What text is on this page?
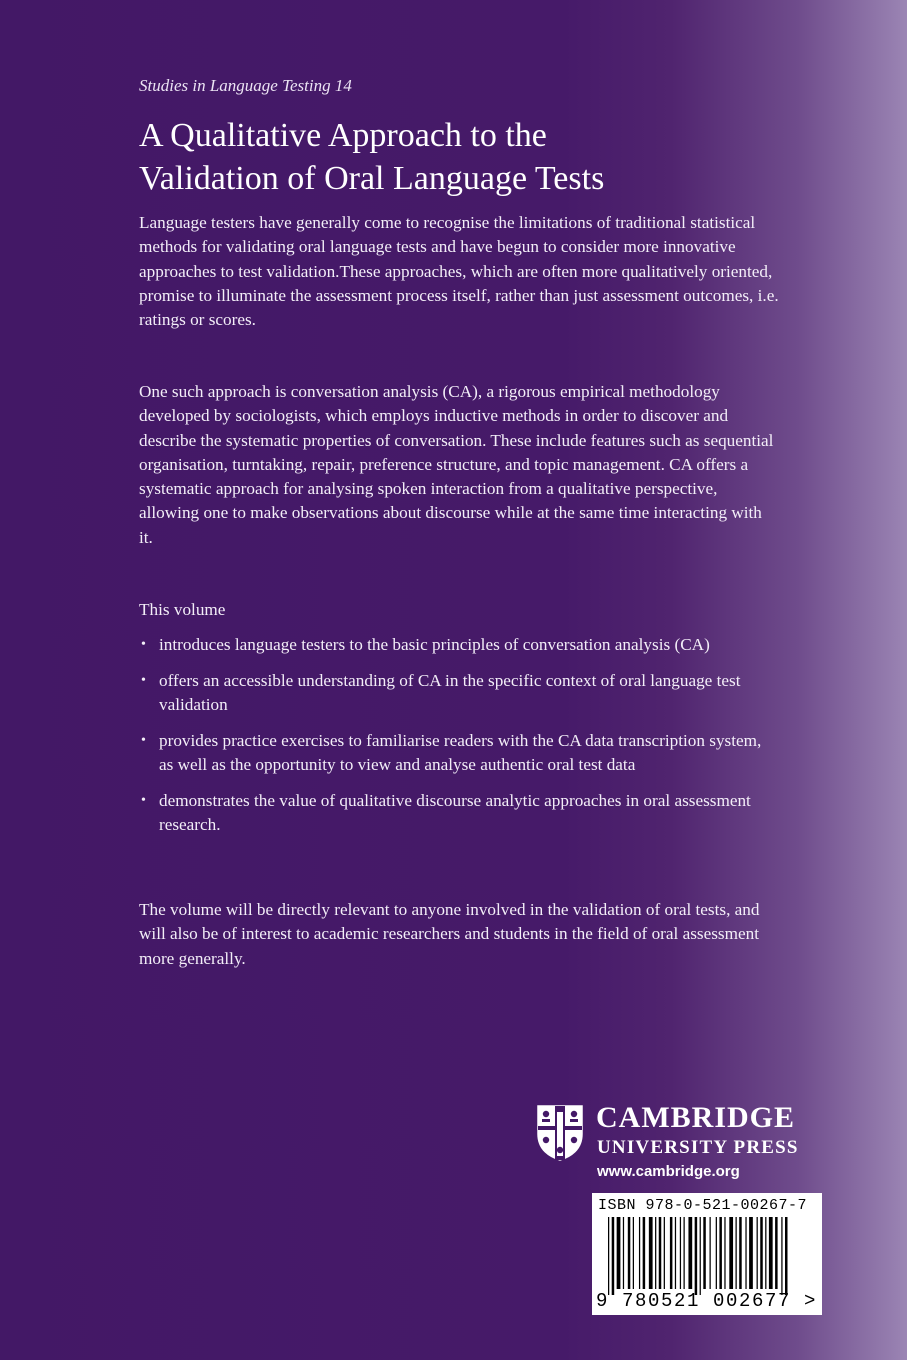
Studies in Language Testing 14
A Qualitative Approach to the
Validation of Oral Language Tests

Language testers have generally come to recognise the limitations of traditional statistical methods for validating oral language tests and have begun to consider more innovative approaches to test validation.These approaches, which are often more qualitatively oriented, promise to illuminate the assessment process itself, rather than just assessment outcomes, i.e. ratings or scores.

One such approach is conversation analysis (CA), a rigorous empirical methodology developed by sociologists, which employs inductive methods in order to discover and describe the systematic properties of conversation. These include features such as sequential organisation, turntaking, repair, preference structure, and topic management. CA offers a systematic approach for analysing spoken interaction from a qualitative perspective, allowing one to make observations about discourse while at the same time interacting with it.

This volume

• introduces language testers to the basic principles of conversation analysis (CA)
• offers an accessible understanding of CA in the specific context of oral language test validation
• provides practice exercises to familiarise readers with the CA data transcription system, as well as the opportunity to view and analyse authentic oral test data
• demonstrates the value of qualitative discourse analytic approaches in oral assessment research.

The volume will be directly relevant to anyone involved in the validation of oral tests, and will also be of interest to academic researchers and students in the field of oral assessment more generally.

CAMBRIDGE
UNIVERSITY PRESS
www.cambridge.org
ISBN 978-0-521-00267-7
9 780521 002677 >
